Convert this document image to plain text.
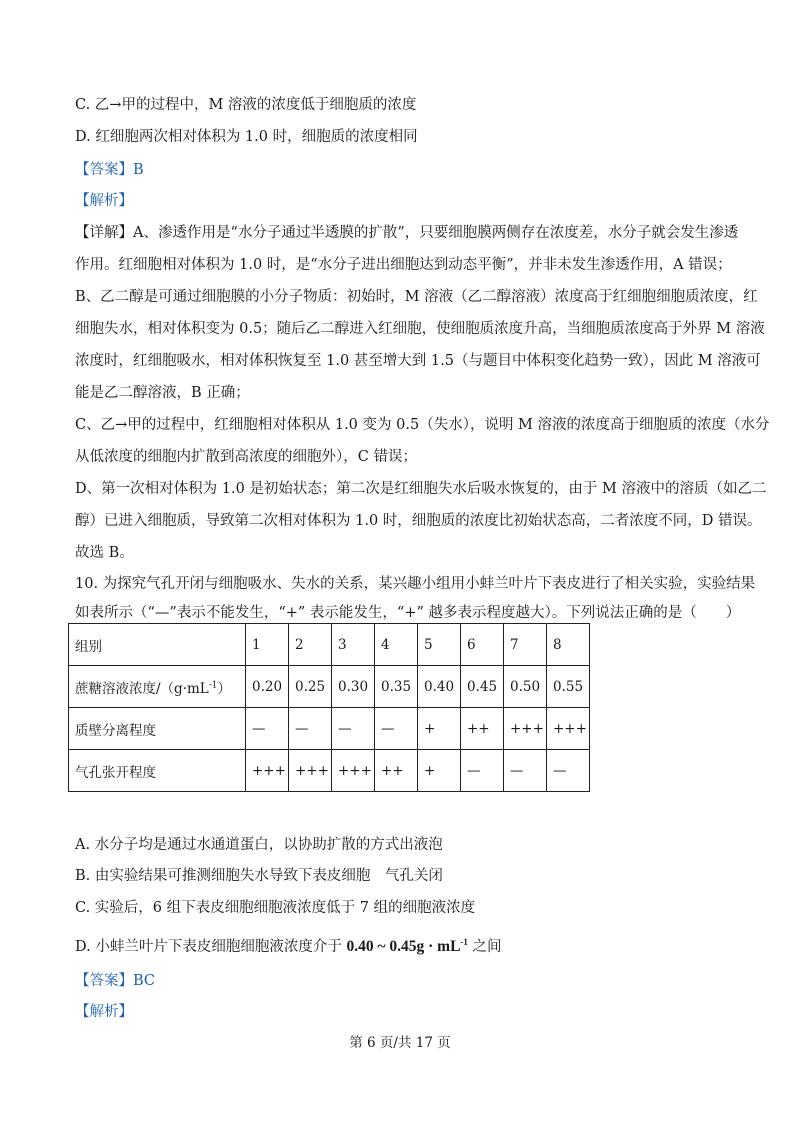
C. 乙→甲的过程中，M 溶液的浓度低于细胞质的浓度
D. 红细胞两次相对体积为 1.0 时，细胞质的浓度相同
【答案】B
【解析】
【详解】A、渗透作用是“水分子通过半透膜的扩散”，只要细胞膜两侧存在浓度差，水分子就会发生渗透
作用。红细胞相对体积为 1.0 时，是“水分子进出细胞达到动态平衡”，并非未发生渗透作用，A 错误；
B、乙二醇是可通过细胞膜的小分子物质：初始时，M 溶液（乙二醇溶液）浓度高于红细胞细胞质浓度，红
细胞失水，相对体积变为 0.5；随后乙二醇进入红细胞，使细胞质浓度升高，当细胞质浓度高于外界 M 溶液
浓度时，红细胞吸水，相对体积恢复至 1.0 甚至增大到 1.5（与题目中体积变化趋势一致），因此 M 溶液可
能是乙二醇溶液，B 正确；
C、乙→甲的过程中，红细胞相对体积从 1.0 变为 0.5（失水），说明 M 溶液的浓度高于细胞质的浓度（水分
从低浓度的细胞内扩散到高浓度的细胞外），C 错误；
D、第一次相对体积为 1.0 是初始状态；第二次是红细胞失水后吸水恢复的，由于 M 溶液中的溶质（如乙二
醇）已进入细胞质，导致第二次相对体积为 1.0 时，细胞质的浓度比初始状态高，二者浓度不同，D 错误。
故选 B。
10. 为探究气孔开闭与细胞吸水、失水的关系，某兴趣小组用小蚌兰叶片下表皮进行了相关实验，实验结果
如表所示（“—”表示不能发生，“+” 表示能发生，“+” 越多表示程度越大）。下列说法正确的是（　　）
组别	1	2	3	4	5	6	7	8
蔗糖溶液浓度$/(g\cdot mL^{-1})$	0.20	0.25	0.30	0.35	0.40	0.45	0.50	0.55
质壁分离程度	—	—	—	—	+	++	+++	+++
气孔张开程度	+++	+++	+++	++	+	—	—	—
A. 水分子均是通过水通道蛋白，以协助扩散的方式出液泡
B. 由实验结果可推测细胞失水导致下表皮细胞　气孔关闭
C. 实验后，6 组下表皮细胞细胞液浓度低于 7 组的细胞液浓度
D. 小蚌兰叶片下表皮细胞细胞液浓度介于 0.40 ~ $0.45g \cdot mL^{-1}$ 之间
【答案】BC
【解析】
第 6 页/共 17 页
